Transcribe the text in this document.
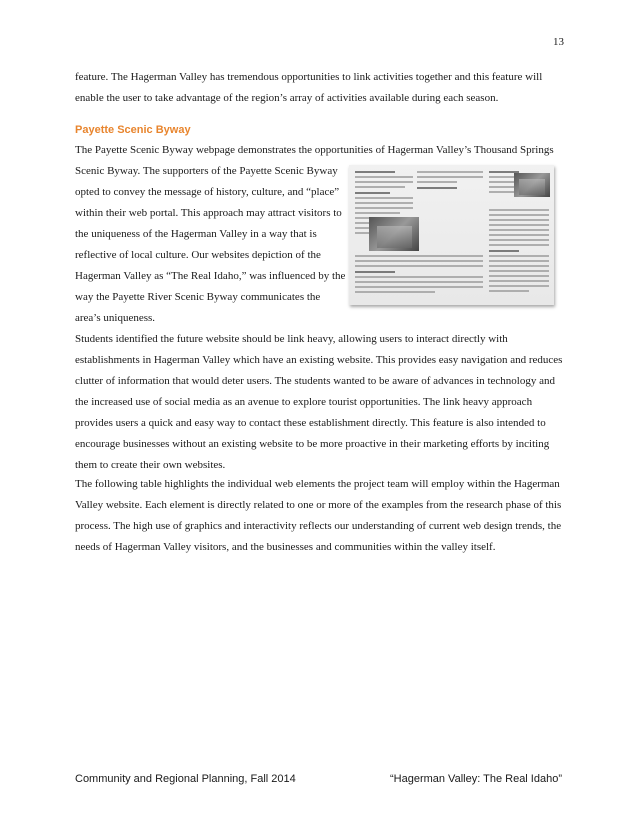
13

feature. The Hagerman Valley has tremendous opportunities to link activities together and this feature will enable the user to take advantage of the region’s array of activities available during each season.

Payette Scenic Byway

The Payette Scenic Byway webpage demonstrates the opportunities of Hagerman Valley’s Thousand Springs

Scenic Byway. The supporters of the Payette Scenic Byway opted to convey the message of history, culture, and “place” within their web portal. This approach may attract visitors to the uniqueness of the Hagerman Valley in a way that is reflective of local culture. Our websites depiction of the Hagerman Valley as “The Real Idaho,” was influenced by the way the Payette River Scenic Byway communicates the area’s uniqueness.

Students identified the future website should be link heavy, allowing users to interact directly with establishments in Hagerman Valley which have an existing website. This provides easy navigation and reduces clutter of information that would deter users. The students wanted to be aware of advances in technology and the increased use of social media as an avenue to explore tourist opportunities. The link heavy approach provides users a quick and easy way to contact these establishment directly. This feature is also intended to encourage businesses without an existing website to be more proactive in their marketing efforts by inciting them to create their own websites.

The following table highlights the individual web elements the project team will employ within the Hagerman Valley website. Each element is directly related to one or more of the examples from the research phase of this process. The high use of graphics and interactivity reflects our understanding of current web design trends, the needs of Hagerman Valley visitors, and the businesses and communities within the valley itself.

Community and Regional Planning, Fall 2014	“Hagerman Valley: The Real Idaho”
